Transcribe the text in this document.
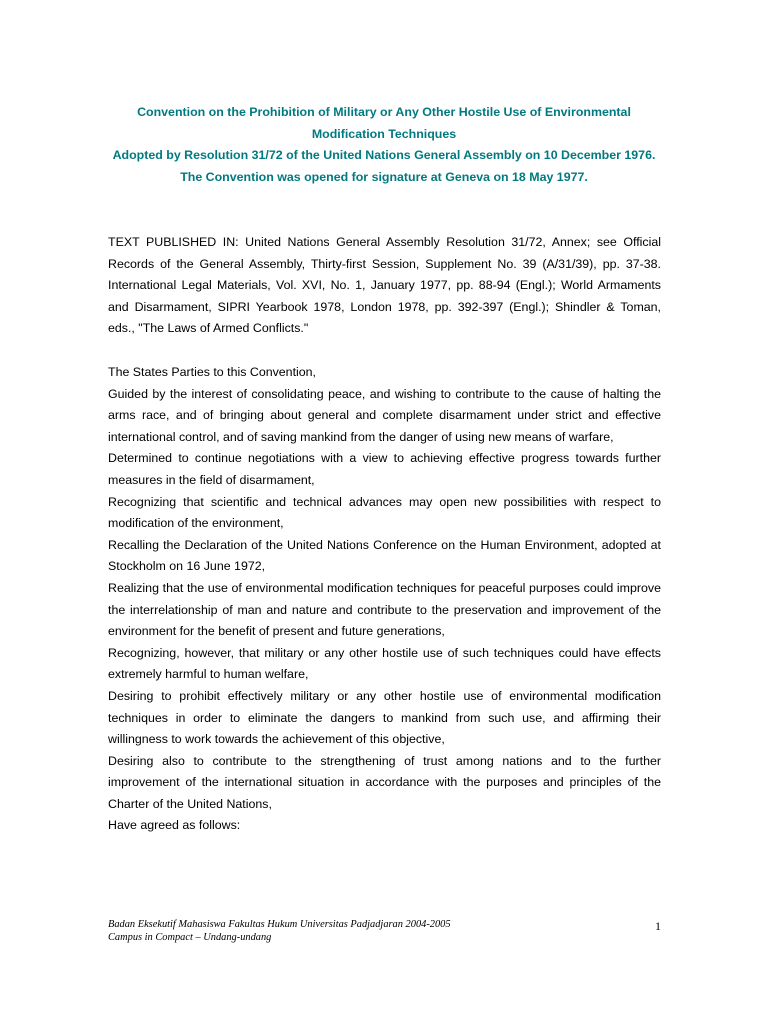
Convention on the Prohibition of Military or Any Other Hostile Use of Environmental
Modification Techniques
Adopted by Resolution 31/72 of the United Nations General Assembly on 10 December 1976.
The Convention was opened for signature at Geneva on 18 May 1977.
TEXT PUBLISHED IN: United Nations General Assembly Resolution 31/72, Annex; see Official Records of the General Assembly, Thirty-first Session, Supplement No. 39 (A/31/39), pp. 37-38. International Legal Materials, Vol. XVI, No. 1, January 1977, pp. 88-94 (Engl.); World Armaments and Disarmament, SIPRI Yearbook 1978, London 1978, pp. 392-397 (Engl.); Shindler & Toman, eds., "The Laws of Armed Conflicts."

The States Parties to this Convention,

Guided by the interest of consolidating peace, and wishing to contribute to the cause of halting the arms race, and of bringing about general and complete disarmament under strict and effective international control, and of saving mankind from the danger of using new means of warfare,

Determined to continue negotiations with a view to achieving effective progress towards further measures in the field of disarmament,

Recognizing that scientific and technical advances may open new possibilities with respect to modification of the environment,

Recalling the Declaration of the United Nations Conference on the Human Environment, adopted at Stockholm on 16 June 1972,

Realizing that the use of environmental modification techniques for peaceful purposes could improve the interrelationship of man and nature and contribute to the preservation and improvement of the environment for the benefit of present and future generations,

Recognizing, however, that military or any other hostile use of such techniques could have effects extremely harmful to human welfare,

Desiring to prohibit effectively military or any other hostile use of environmental modification techniques in order to eliminate the dangers to mankind from such use, and affirming their willingness to work towards the achievement of this objective,

Desiring also to contribute to the strengthening of trust among nations and to the further improvement of the international situation in accordance with the purposes and principles of the Charter of the United Nations,

Have agreed as follows:

Badan Eksekutif Mahasiswa Fakultas Hukum Universitas Padjadjaran 2004-2005
Campus in Compact – Undang-undang
1
